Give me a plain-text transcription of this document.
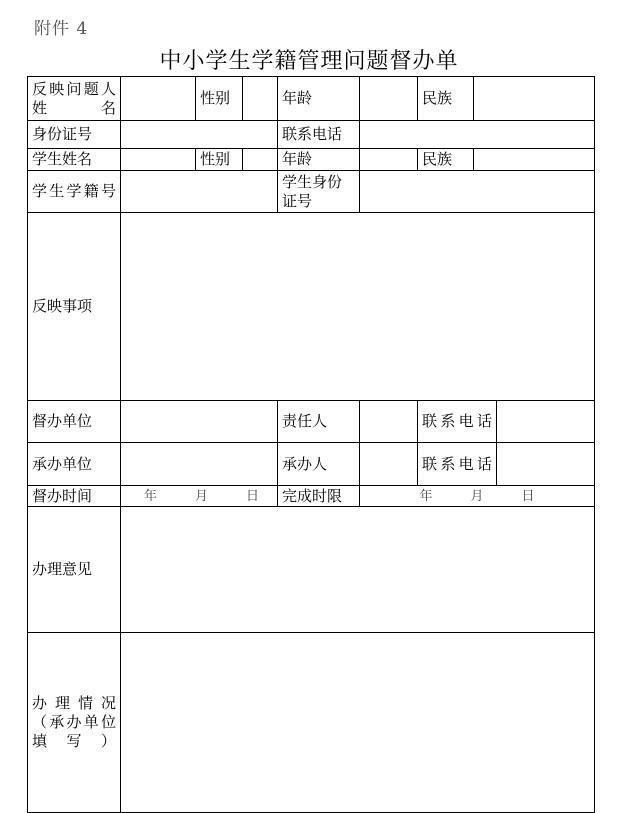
附件 4
中小学生学籍管理问题督办单
反映问题人姓名		性别		年龄		民族		
身份证号				联系电话				
学生姓名		性别		年龄		民族		
学生学籍号				学生身份证号				
反映事项								
督办单位				责任人		联系电话		
承办单位				承办人		联系电话		
督办时间	年 月 日			完成时限	年 月 日			
办理意见								
办理情况（承办单位填写）								
